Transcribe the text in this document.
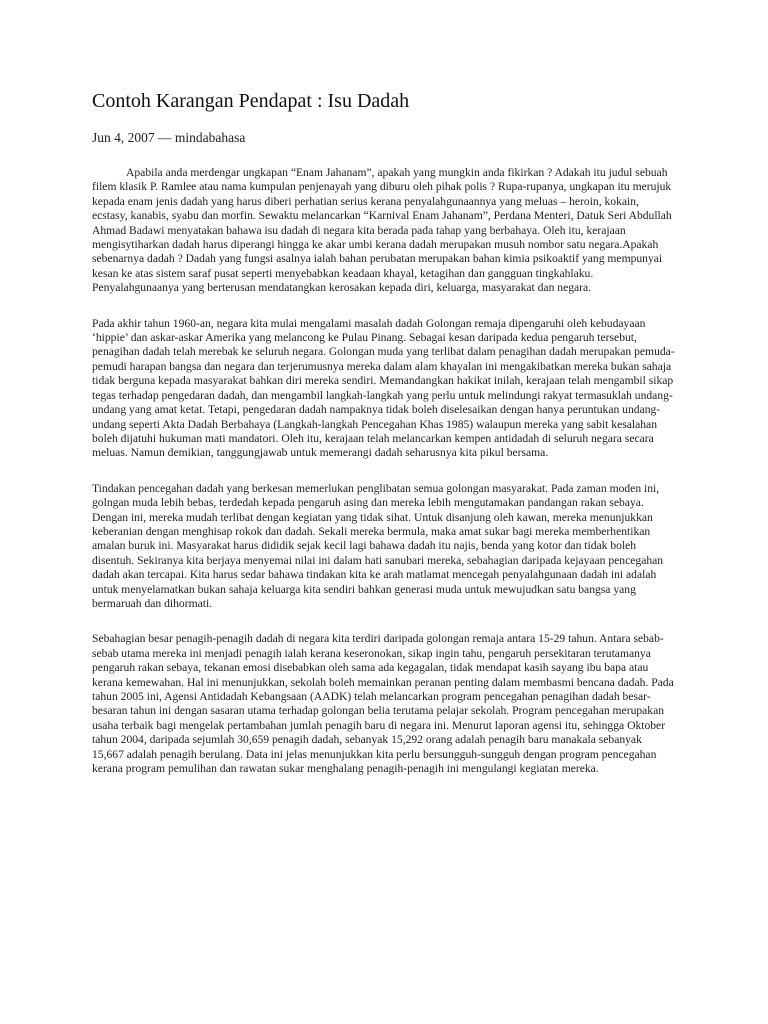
Contoh Karangan Pendapat : Isu Dadah
Jun 4, 2007 — mindabahasa

Apabila anda merdengar ungkapan “Enam Jahanam”, apakah yang mungkin anda fikirkan ? Adakah itu judul sebuah filem klasik P. Ramlee atau nama kumpulan penjenayah yang diburu oleh pihak polis ? Rupa-rupanya, ungkapan itu merujuk kepada enam jenis dadah yang harus diberi perhatian serius kerana penyalahgunaannya yang meluas – heroin, kokain, ecstasy, kanabis, syabu dan morfin. Sewaktu melancarkan “Karnival Enam Jahanam”, Perdana Menteri, Datuk Seri Abdullah Ahmad Badawi menyatakan bahawa isu dadah di negara kita berada pada tahap yang berbahaya. Oleh itu, kerajaan mengisytiharkan dadah harus diperangi hingga ke akar umbi kerana dadah merupakan musuh nombor satu negara.Apakah sebenarnya dadah ? Dadah yang fungsi asalnya ialah bahan perubatan merupakan bahan kimia psikoaktif yang mempunyai kesan ke atas sistem saraf pusat seperti menyebabkan keadaan khayal, ketagihan dan gangguan tingkahlaku. Penyalahgunaanya yang berterusan mendatangkan kerosakan kepada diri, keluarga, masyarakat dan negara.

Pada akhir tahun 1960-an, negara kita mulai mengalami masalah dadah Golongan remaja dipengaruhi oleh kebudayaan ‘hippie’ dan askar-askar Amerika yang melancong ke Pulau Pinang. Sebagai kesan daripada kedua pengaruh tersebut, penagihan dadah telah merebak ke seluruh negara. Golongan muda yang terlibat dalam penagihan dadah merupakan pemuda- pemudi harapan bangsa dan negara dan terjerumusnya mereka dalam alam khayalan ini mengakibatkan mereka bukan sahaja tidak berguna kepada masyarakat bahkan diri mereka sendiri. Memandangkan hakikat inilah, kerajaan telah mengambil sikap tegas terhadap pengedaran dadah, dan mengambil langkah-langkah yang perlu untuk melindungi rakyat termasuklah undang-undang yang amat ketat. Tetapi, pengedaran dadah nampaknya tidak boleh diselesaikan dengan hanya peruntukan undang-undang seperti Akta Dadah Berbahaya (Langkah-langkah Pencegahan Khas 1985) walaupun mereka yang sabit kesalahan boleh dijatuhi hukuman mati mandatori. Oleh itu, kerajaan telah melancarkan kempen antidadah di seluruh negara secara meluas. Namun demikian, tanggungjawab untuk memerangi dadah seharusnya kita pikul bersama.

Tindakan pencegahan dadah yang berkesan memerlukan penglibatan semua golongan masyarakat. Pada zaman moden ini, golngan muda lebih bebas, terdedah kepada pengaruh asing dan mereka lebih mengutamakan pandangan rakan sebaya. Dengan ini, mereka mudah terlibat dengan kegiatan yang tidak sihat. Untuk disanjung oleh kawan, mereka menunjukkan keberanian dengan menghisap rokok dan dadah. Sekali mereka bermula, maka amat sukar bagi mereka memberhentikan amalan buruk ini. Masyarakat harus dididik sejak kecil lagi bahawa dadah itu najis, benda yang kotor dan tidak boleh disentuh. Sekiranya kita berjaya menyemai nilai ini dalam hati sanubari mereka, sebahagian daripada kejayaan pencegahan dadah akan tercapai. Kita harus sedar bahawa tindakan kita ke arah matlamat mencegah penyalahgunaan dadah ini adalah untuk menyelamatkan bukan sahaja keluarga kita sendiri bahkan generasi muda untuk mewujudkan satu bangsa yang bermaruah dan dihormati.

Sebahagian besar penagih-penagih dadah di negara kita terdiri daripada golongan remaja antara 15-29 tahun. Antara sebab-sebab utama mereka ini menjadi penagih ialah kerana keseronokan, sikap ingin tahu, pengaruh persekitaran terutamanya pengaruh rakan sebaya, tekanan emosi disebabkan oleh sama ada kegagalan, tidak mendapat kasih sayang ibu bapa atau kerana kemewahan. Hal ini menunjukkan, sekolah boleh memainkan peranan penting dalam membasmi bencana dadah. Pada tahun 2005 ini, Agensi Antidadah Kebangsaan (AADK) telah melancarkan program pencegahan penagihan dadah besar-besaran tahun ini dengan sasaran utama terhadap golongan belia terutama pelajar sekolah. Program pencegahan merupakan usaha terbaik bagi mengelak pertambahan jumlah penagih baru di negara ini. Menurut laporan agensi itu, sehingga Oktober tahun 2004, daripada sejumlah 30,659 penagih dadah, sebanyak 15,292 orang adalah penagih baru manakala sebanyak 15,667 adalah penagih berulang. Data ini jelas menunjukkan kita perlu bersungguh-sungguh dengan program pencegahan kerana program pemulihan dan rawatan sukar menghalang penagih-penagih ini mengulangi kegiatan mereka.
